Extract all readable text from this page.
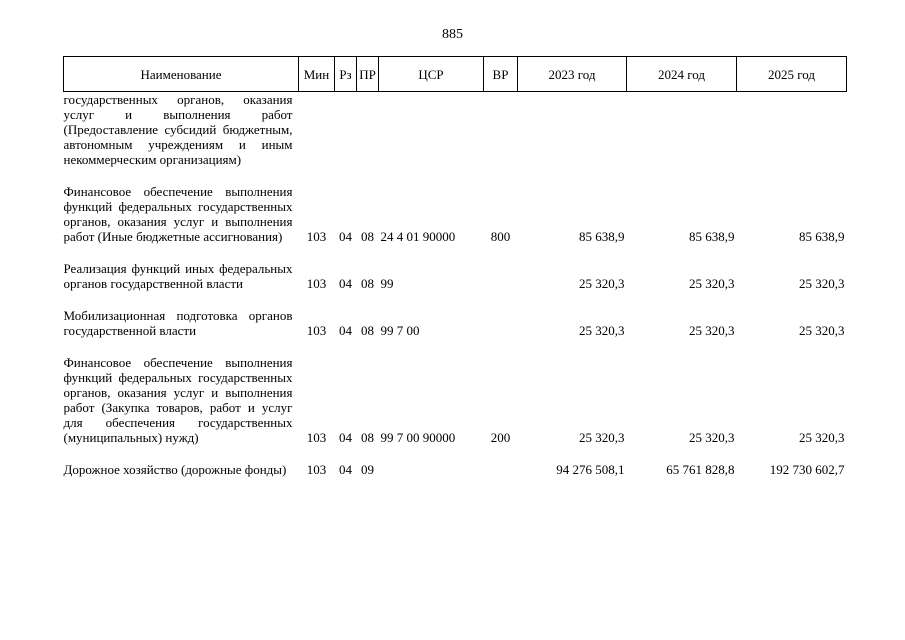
885
Наименование	Мин	Рз	ПР	ЦСР	ВР	2023 год	2024 год	2025 год
государственных органов, оказания услуг и выполнения работ (Предоставление субсидий бюджетным, автономным учреждениям и иным некоммерческим организациям)								
Финансовое обеспечение выполнения функций федеральных государственных органов, оказания услуг и выполнения работ (Иные бюджетные ассигнования)	103	04	08	24 4 01 90000	800	85 638,9	85 638,9	85 638,9
Реализация функций иных федеральных органов государственной власти	103	04	08	99		25 320,3	25 320,3	25 320,3
Мобилизационная подготовка органов государственной власти	103	04	08	99 7 00		25 320,3	25 320,3	25 320,3
Финансовое обеспечение выполнения функций федеральных государственных органов, оказания услуг и выполнения работ (Закупка товаров, работ и услуг для обеспечения государственных (муниципальных) нужд)	103	04	08	99 7 00 90000	200	25 320,3	25 320,3	25 320,3
Дорожное хозяйство (дорожные фонды)	103	04	09			94 276 508,1	65 761 828,8	192 730 602,7
